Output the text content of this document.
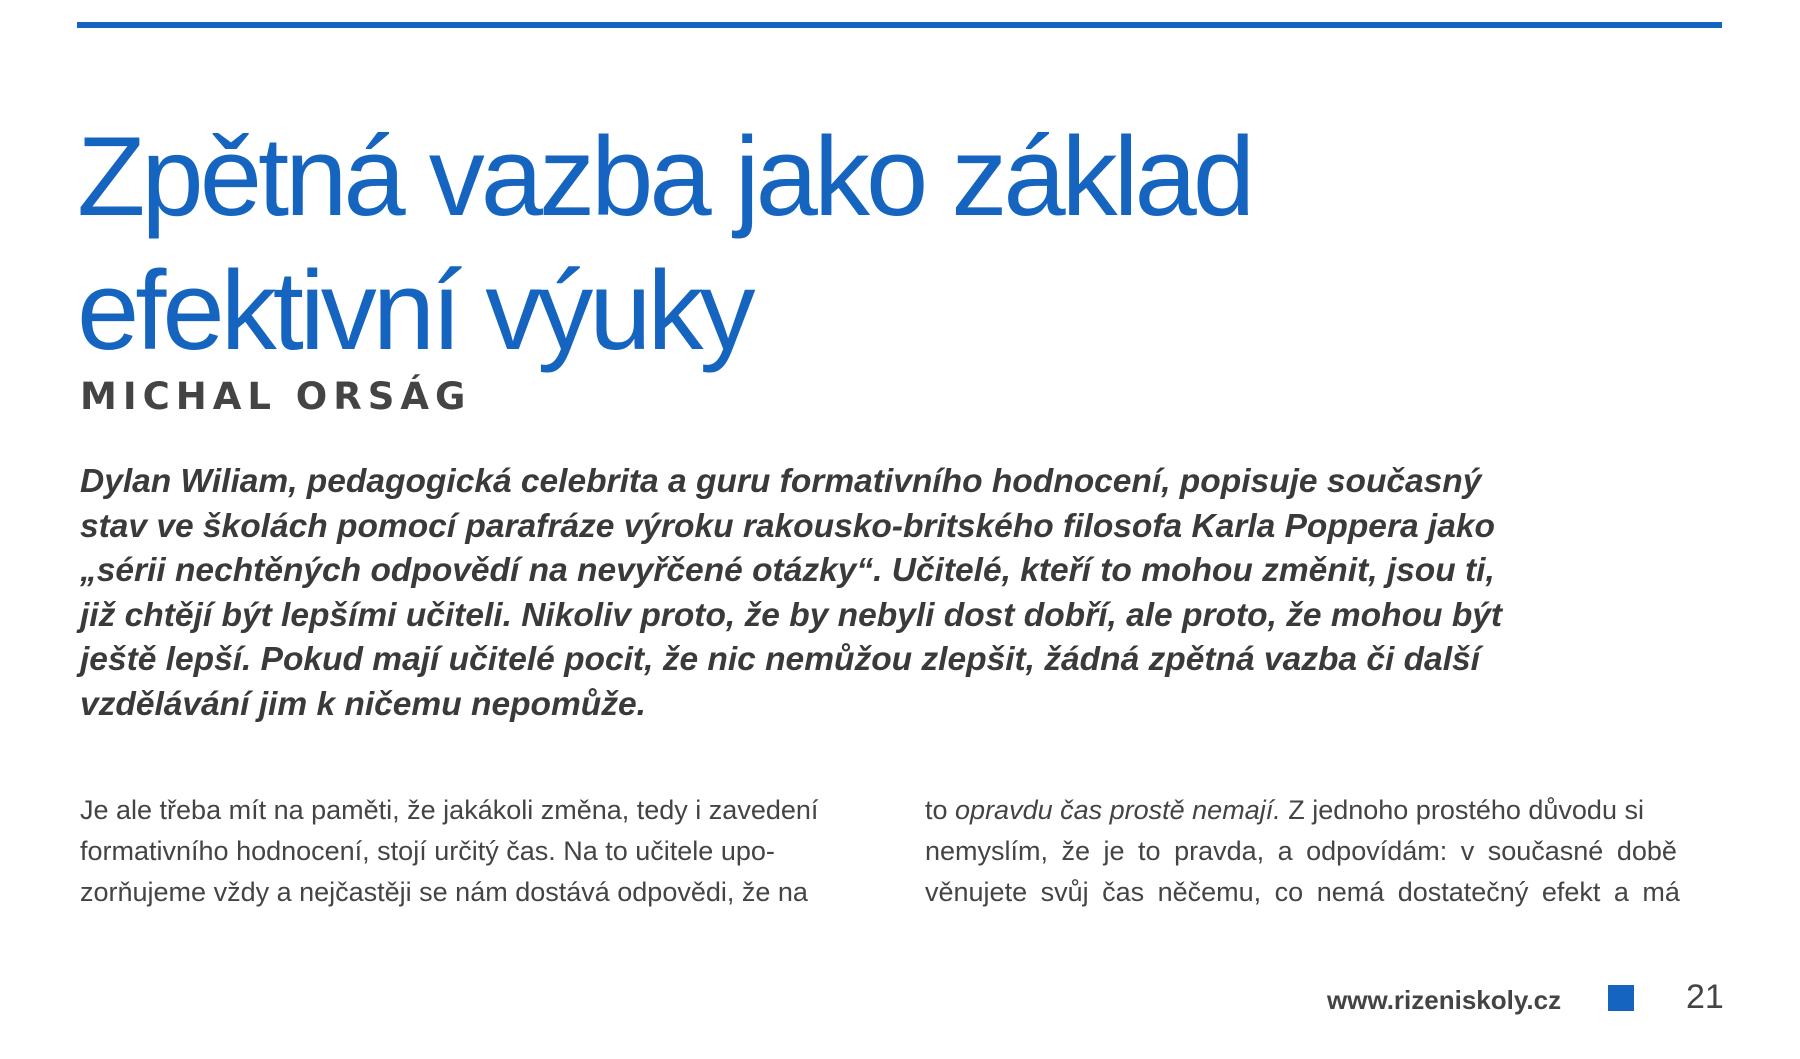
Zpětná vazba jako základ
efektivní výuky
MICHAL ORSÁG

Dylan Wiliam, pedagogická celebrita a guru formativního hodnocení, popisuje současný
stav ve školách pomocí parafráze výroku rakousko-britského filosofa Karla Poppera jako
„sérii nechtěných odpovědí na nevyřčené otázky“. Učitelé, kteří to mohou změnit, jsou ti,
již chtějí být lepšími učiteli. Nikoliv proto, že by nebyli dost dobří, ale proto, že mohou být
ještě lepší. Pokud mají učitelé pocit, že nic nemůžou zlepšit, žádná zpětná vazba či další
vzdělávání jim k ničemu nepomůže.

Je ale třeba mít na paměti, že jakákoli změna, tedy i zavedení
formativního hodnocení, stojí určitý čas. Na to učitele upo-
zorňujeme vždy a nejčastěji se nám dostává odpovědi, že na

to opravdu čas prostě nemají. Z jednoho prostého důvodu si
nemyslím, že je to pravda, a odpovídám: v současné době
věnujete svůj čas něčemu, co nemá dostatečný efekt a má

www.rizeniskoly.cz	21
